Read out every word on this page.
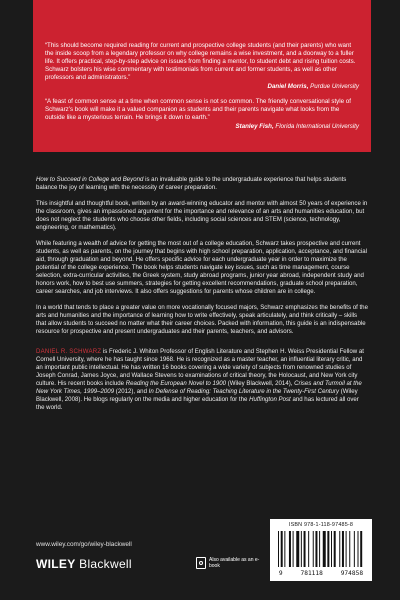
“This should become required reading for current and prospective college students (and their parents) who want the inside scoop from a legendary professor on why college remains a wise investment, and a doorway to a fuller life. It offers practical, step-by-step advice on issues from finding a mentor, to student debt and rising tuition costs. Schwarz bolsters his wise commentary with testimonials from current and former students, as well as other professors and administrators.”
Daniel Morris, Purdue University
“A feast of common sense at a time when common sense is not so common. The friendly conversational style of Schwarz’s book will make it a valued companion as students and their parents navigate what looks from the outside like a mysterious terrain. He brings it down to earth.”
Stanley Fish, Florida International University

How to Succeed in College and Beyond is an invaluable guide to the undergraduate experience that helps students balance the joy of learning with the necessity of career preparation.

This insightful and thoughtful book, written by an award-winning educator and mentor with almost 50 years of experience in the classroom, gives an impassioned argument for the importance and relevance of an arts and humanities education, but does not neglect the students who choose other fields, including social sciences and STEM (science, technology, engineering, or mathematics).

While featuring a wealth of advice for getting the most out of a college education, Schwarz takes prospective and current students, as well as parents, on the journey that begins with high school preparation, application, acceptance, and financial aid, through graduation and beyond. He offers specific advice for each undergraduate year in order to maximize the potential of the college experience. The book helps students navigate key issues, such as time management, course selection, extra-curricular activities, the Greek system, study abroad programs, junior year abroad, independent study and honors work, how to best use summers, strategies for getting excellent recommendations, graduate school preparation, career searches, and job interviews. It also offers suggestions for parents whose children are in college.

In a world that tends to place a greater value on more vocationally focused majors, Schwarz emphasizes the benefits of the arts and humanities and the importance of learning how to write effectively, speak articulately, and think critically – skills that allow students to succeed no matter what their career choices. Packed with information, this guide is an indispensable resource for prospective and present undergraduates and their parents, teachers, and advisors.

DANIEL R. SCHWARZ is Frederic J. Whiton Professor of English Literature and Stephen H. Weiss Presidential Fellow at Cornell University, where he has taught since 1968. He is recognized as a master teacher, an influential literary critic, and an important public intellectual. He has written 16 books covering a wide variety of subjects from renowned studies of Joseph Conrad, James Joyce, and Wallace Stevens to examinations of critical theory, the Holocaust, and New York city culture. His recent books include Reading the European Novel to 1900 (Wiley Blackwell, 2014), Crises and Turmoil at the New York Times, 1999–2009 (2012), and In Defense of Reading: Teaching Literature in the Twenty-First Century (Wiley Blackwell, 2008). He blogs regularly on the media and higher education for the Huffington Post and has lectured all over the world.

www.wiley.com/go/wiley-blackwell
WILEY Blackwell	Also available as an e-book
ISBN 978-1-118-97485-8
9	781118	974858
